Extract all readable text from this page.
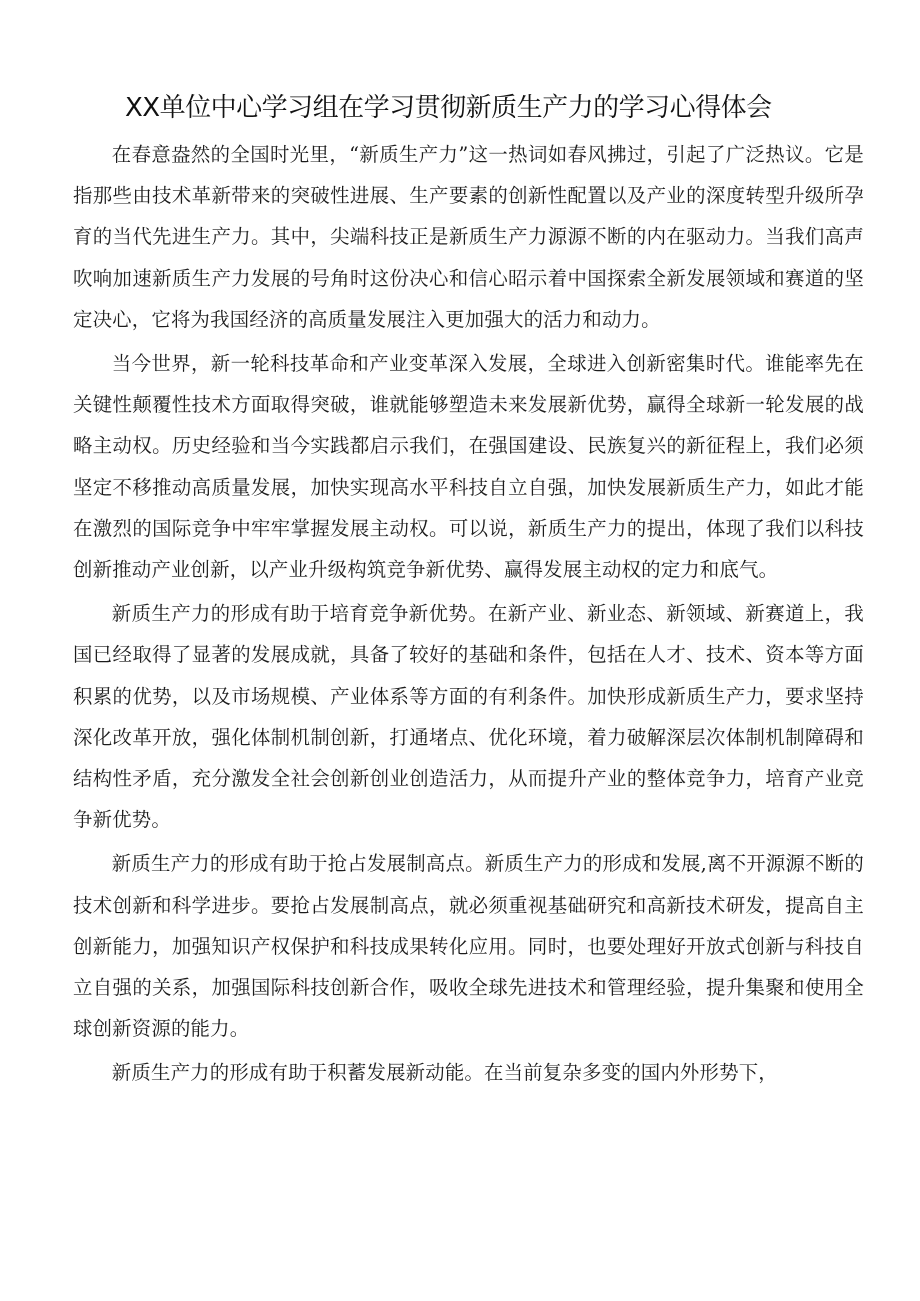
XX单位中心学习组在学习贯彻新质生产力的学习心得体会

在春意盎然的全国时光里，“新质生产力”这一热词如春风拂过，引起了广泛热议。它是指那些由技术革新带来的突破性进展、生产要素的创新性配置以及产业的深度转型升级所孕育的当代先进生产力。其中，尖端科技正是新质生产力源源不断的内在驱动力。当我们高声吹响加速新质生产力发展的号角时这份决心和信心昭示着中国探索全新发展领域和赛道的坚定决心，它将为我国经济的高质量发展注入更加强大的活力和动力。

当今世界，新一轮科技革命和产业变革深入发展，全球进入创新密集时代。谁能率先在关键性颠覆性技术方面取得突破，谁就能够塑造未来发展新优势，赢得全球新一轮发展的战略主动权。历史经验和当今实践都启示我们，在强国建设、民族复兴的新征程上，我们必须坚定不移推动高质量发展，加快实现高水平科技自立自强，加快发展新质生产力，如此才能在激烈的国际竞争中牢牢掌握发展主动权。可以说，新质生产力的提出，体现了我们以科技创新推动产业创新，以产业升级构筑竞争新优势、赢得发展主动权的定力和底气。

新质生产力的形成有助于培育竞争新优势。在新产业、新业态、新领域、新赛道上，我国已经取得了显著的发展成就，具备了较好的基础和条件，包括在人才、技术、资本等方面积累的优势，以及市场规模、产业体系等方面的有利条件。加快形成新质生产力，要求坚持深化改革开放，强化体制机制创新，打通堵点、优化环境，着力破解深层次体制机制障碍和结构性矛盾，充分激发全社会创新创业创造活力，从而提升产业的整体竞争力，培育产业竞争新优势。

新质生产力的形成有助于抢占发展制高点。新质生产力的形成和发展,离不开源源不断的技术创新和科学进步。要抢占发展制高点，就必须重视基础研究和高新技术研发，提高自主创新能力，加强知识产权保护和科技成果转化应用。同时，也要处理好开放式创新与科技自立自强的关系，加强国际科技创新合作，吸收全球先进技术和管理经验，提升集聚和使用全球创新资源的能力。

新质生产力的形成有助于积蓄发展新动能。在当前复杂多变的国内外形势下，
